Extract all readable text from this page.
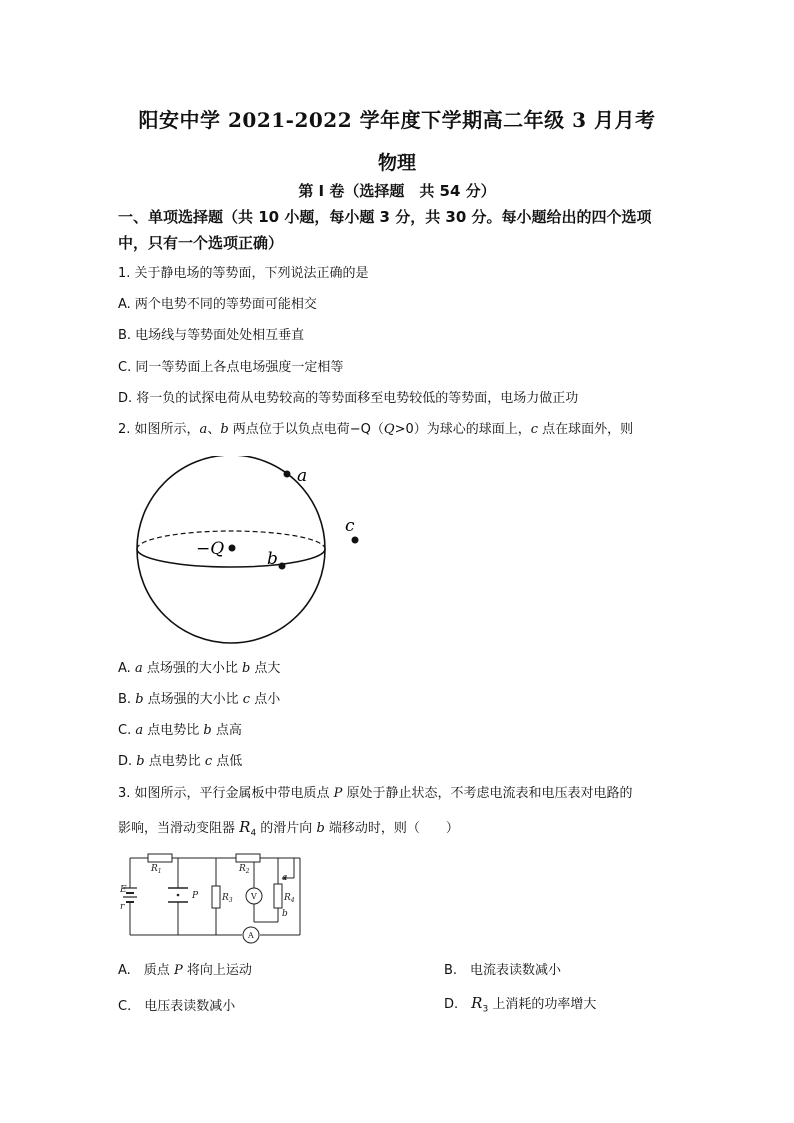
阳安中学 2021-2022 学年度下学期高二年级 3 月月考
物理
第 I 卷（选择题　共 54 分）
一、单项选择题（共 10 小题，每小题 3 分，共 30 分。每小题给出的四个选项
中，只有一个选项正确）
1. 关于静电场的等势面，下列说法正确的是
A. 两个电势不同的等势面可能相交
B. 电场线与等势面处处相互垂直
C. 同一等势面上各点电场强度一定相等
D. 将一负的试探电荷从电势较高的等势面移至电势较低的等势面，电场力做正功
2. 如图所示，a、b 两点位于以负点电荷−Q（Q>0）为球心的球面上，c 点在球面外，则
a
−Q	b
c
A. a 点场强的大小比 b 点大
B. b 点场强的大小比 c 点小
C. a 点电势比 b 点高
D. b 点电势比 c 点低
3. 如图所示，平行金属板中带电质点 P 原处于静止状态，不考虑电流表和电压表对电路的
影响，当滑动变阻器 $R_4$ 的滑片向 b 端移动时，则（　　）
$R_1$	$R_2$
$R_3$	$R_4$
E
r
P	V
A
a
b
A.　质点 P 将向上运动	B.　电流表读数减小
C.　电压表读数减小	D.　$R_3$ 上消耗的功率增大
